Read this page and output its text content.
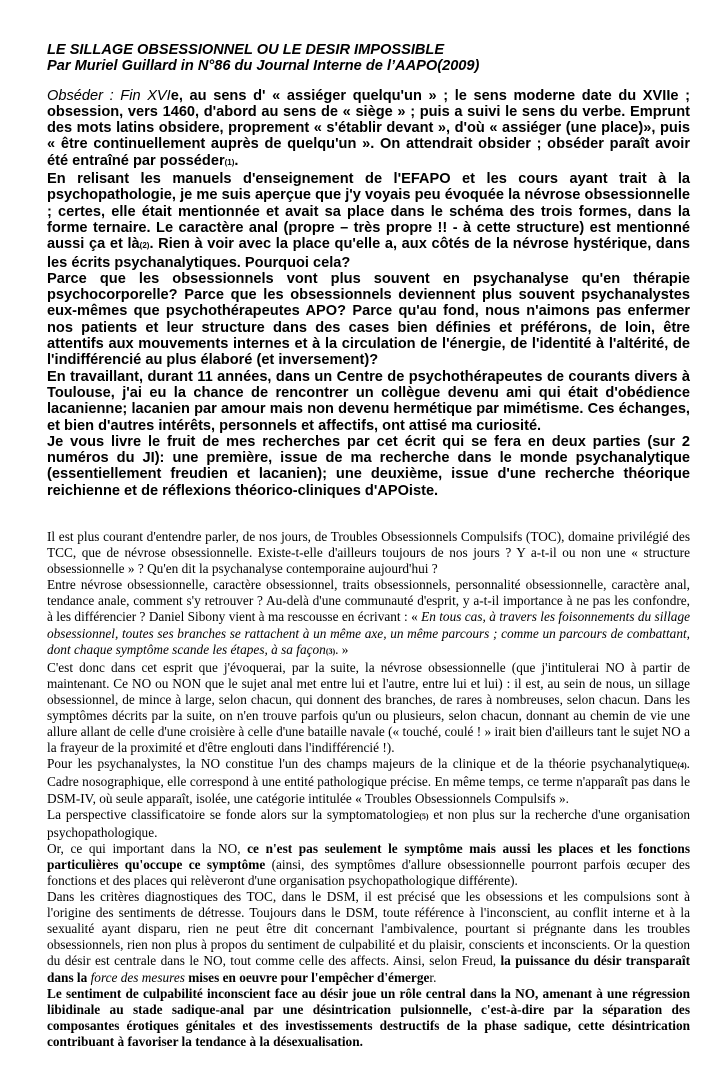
LE SILLAGE OBSESSIONNEL OU LE DESIR IMPOSSIBLE
Par Muriel Guillard in N°86 du Journal Interne de l’AAPO(2009)

Obséder : Fin XVIe, au sens d' « assiéger quelqu'un » ; le sens moderne date du XVIIe ; obsession, vers 1460, d'abord au sens de « siège » ; puis a suivi le sens du verbe. Emprunt des mots latins obsidere, proprement « s'établir devant », d'où « assiéger (une place)», puis « être continuellement auprès de quelqu'un ». On attendrait obsider ; obséder paraît avoir été entraîné par posséder(1).

En relisant les manuels d'enseignement de l'EFAPO et les cours ayant trait à la psychopathologie, je me suis aperçue que j'y voyais peu évoquée la névrose obsessionnelle ; certes, elle était mentionnée et avait sa place dans le schéma des trois formes, dans la forme ternaire. Le caractère anal (propre – très propre !! - à cette structure) est mentionné aussi ça et là(2). Rien à voir avec la place qu'elle a, aux côtés de la névrose hystérique, dans les écrits psychanalytiques. Pourquoi cela?

Parce que les obsessionnels vont plus souvent en psychanalyse qu'en thérapie psychocorporelle? Parce que les obsessionnels deviennent plus souvent psychanalystes eux-mêmes que psychothérapeutes APO? Parce qu'au fond, nous n'aimons pas enfermer nos patients et leur structure dans des cases bien définies et préférons, de loin, être attentifs aux mouvements internes et à la circulation de l'énergie, de l'identité à l'altérité, de l'indifférencié au plus élaboré (et inversement)?

En travaillant, durant 11 années, dans un Centre de psychothérapeutes de courants divers à Toulouse, j'ai eu la chance de rencontrer un collègue devenu ami qui était d'obédience lacanienne; lacanien par amour mais non devenu hermétique par mimétisme. Ces échanges, et bien d'autres intérêts, personnels et affectifs, ont attisé ma curiosité.

Je vous livre le fruit de mes recherches par cet écrit qui se fera en deux parties (sur 2 numéros du JI): une première, issue de ma recherche dans le monde psychanalytique (essentiellement freudien et lacanien); une deuxième, issue d'une recherche théorique reichienne et de réflexions théorico-cliniques d'APOiste.

Il est plus courant d'entendre parler, de nos jours, de Troubles Obsessionnels Compulsifs (TOC), domaine privilégié des TCC, que de névrose obsessionnelle. Existe-t-elle d'ailleurs toujours de nos jours ? Y a-t-il ou non une « structure obsessionnelle » ? Qu'en dit la psychanalyse contemporaine aujourd'hui ?

Entre névrose obsessionnelle, caractère obsessionnel, traits obsessionnels, personnalité obsessionnelle, caractère anal, tendance anale, comment s'y retrouver ? Au-delà d'une communauté d'esprit, y a-t-il importance à ne pas les confondre, à les différencier ? Daniel Sibony vient à ma rescousse en écrivant : « En tous cas, à travers les foisonnements du sillage obsessionnel, toutes ses branches se rattachent à un même axe, un même parcours ; comme un parcours de combattant, dont chaque symptôme scande les étapes, à sa façon(3). »

C'est donc dans cet esprit que j'évoquerai, par la suite, la névrose obsessionnelle (que j'intitulerai NO à partir de maintenant. Ce NO ou NON que le sujet anal met entre lui et l'autre, entre lui et lui) : il est, au sein de nous, un sillage obsessionnel, de mince à large, selon chacun, qui donnent des branches, de rares à nombreuses, selon chacun. Dans les symptômes décrits par la suite, on n'en trouve parfois qu'un ou plusieurs, selon chacun, donnant au chemin de vie une allure allant de celle d'une croisière à celle d'une bataille navale (« touché, coulé ! » irait bien d'ailleurs tant le sujet NO a la frayeur de la proximité et d'être englouti dans l'indifférencié !).

Pour les psychanalystes, la NO constitue l'un des champs majeurs de la clinique et de la théorie psychanalytique(4). Cadre nosographique, elle correspond à une entité pathologique précise. En même temps, ce terme n'apparaît pas dans le DSM-IV, où seule apparaît, isolée, une catégorie intitulée « Troubles Obsessionnels Compulsifs ».

La perspective classificatoire se fonde alors sur la symptomatologie(5) et non plus sur la recherche d'une organisation psychopathologique.

Or, ce qui important dans la NO, ce n'est pas seulement le symptôme mais aussi les places et les fonctions particulières qu'occupe ce symptôme (ainsi, des symptômes d'allure obsessionnelle pourront parfois œcuper des fonctions et des places qui relèveront d'une organisation psychopathologique différente).

Dans les critères diagnostiques des TOC, dans le DSM, il est précisé que les obsessions et les compulsions sont à l'origine des sentiments de détresse. Toujours dans le DSM, toute référence à l'inconscient, au conflit interne et à la sexualité ayant disparu, rien ne peut être dit concernant l'ambivalence, pourtant si prégnante dans les troubles obsessionnels, rien non plus à propos du sentiment de culpabilité et du plaisir, conscients et inconscients. Or la question du désir est centrale dans le NO, tout comme celle des affects. Ainsi, selon Freud, la puissance du désir transparaît dans la force des mesures mises en oeuvre pour l'empêcher d'émerger.

Le sentiment de culpabilité inconscient face au désir joue un rôle central dans la NO, amenant à une régression libidinale au stade sadique-anal par une désintrication pulsionnelle, c'est-à-dire par la séparation des composantes érotiques génitales et des investissements destructifs de la phase sadique, cette désintrication contribuant à favoriser la tendance à la désexualisation.
